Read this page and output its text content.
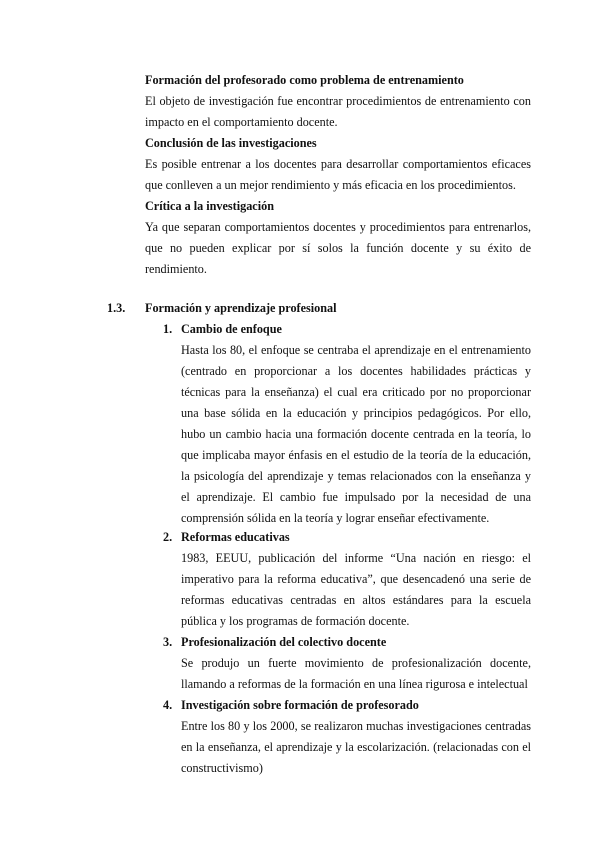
Formación del profesorado como problema de entrenamiento
El objeto de investigación fue encontrar procedimientos de entrenamiento con impacto en el comportamiento docente.
Conclusión de las investigaciones
Es posible entrenar a los docentes para desarrollar comportamientos eficaces que conlleven a un mejor rendimiento y más eficacia en los procedimientos.
Crítica a la investigación
Ya que separan comportamientos docentes y procedimientos para entrenarlos, que no pueden explicar por sí solos la función docente y su éxito de rendimiento.
1.3. Formación y aprendizaje profesional
1. Cambio de enfoque
Hasta los 80, el enfoque se centraba el aprendizaje en el entrenamiento (centrado en proporcionar a los docentes habilidades prácticas y técnicas para la enseñanza) el cual era criticado por no proporcionar una base sólida en la educación y principios pedagógicos. Por ello, hubo un cambio hacia una formación docente centrada en la teoría, lo que implicaba mayor énfasis en el estudio de la teoría de la educación, la psicología del aprendizaje y temas relacionados con la enseñanza y el aprendizaje. El cambio fue impulsado por la necesidad de una comprensión sólida en la teoría y lograr enseñar efectivamente.
2. Reformas educativas
1983, EEUU, publicación del informe “Una nación en riesgo: el imperativo para la reforma educativa”, que desencadenó una serie de reformas educativas centradas en altos estándares para la escuela pública y los programas de formación docente.
3. Profesionalización del colectivo docente
Se produjo un fuerte movimiento de profesionalización docente, llamando a reformas de la formación en una línea rigurosa e intelectual
4. Investigación sobre formación de profesorado
Entre los 80 y los 2000, se realizaron muchas investigaciones centradas en la enseñanza, el aprendizaje y la escolarización. (relacionadas con el constructivismo)
